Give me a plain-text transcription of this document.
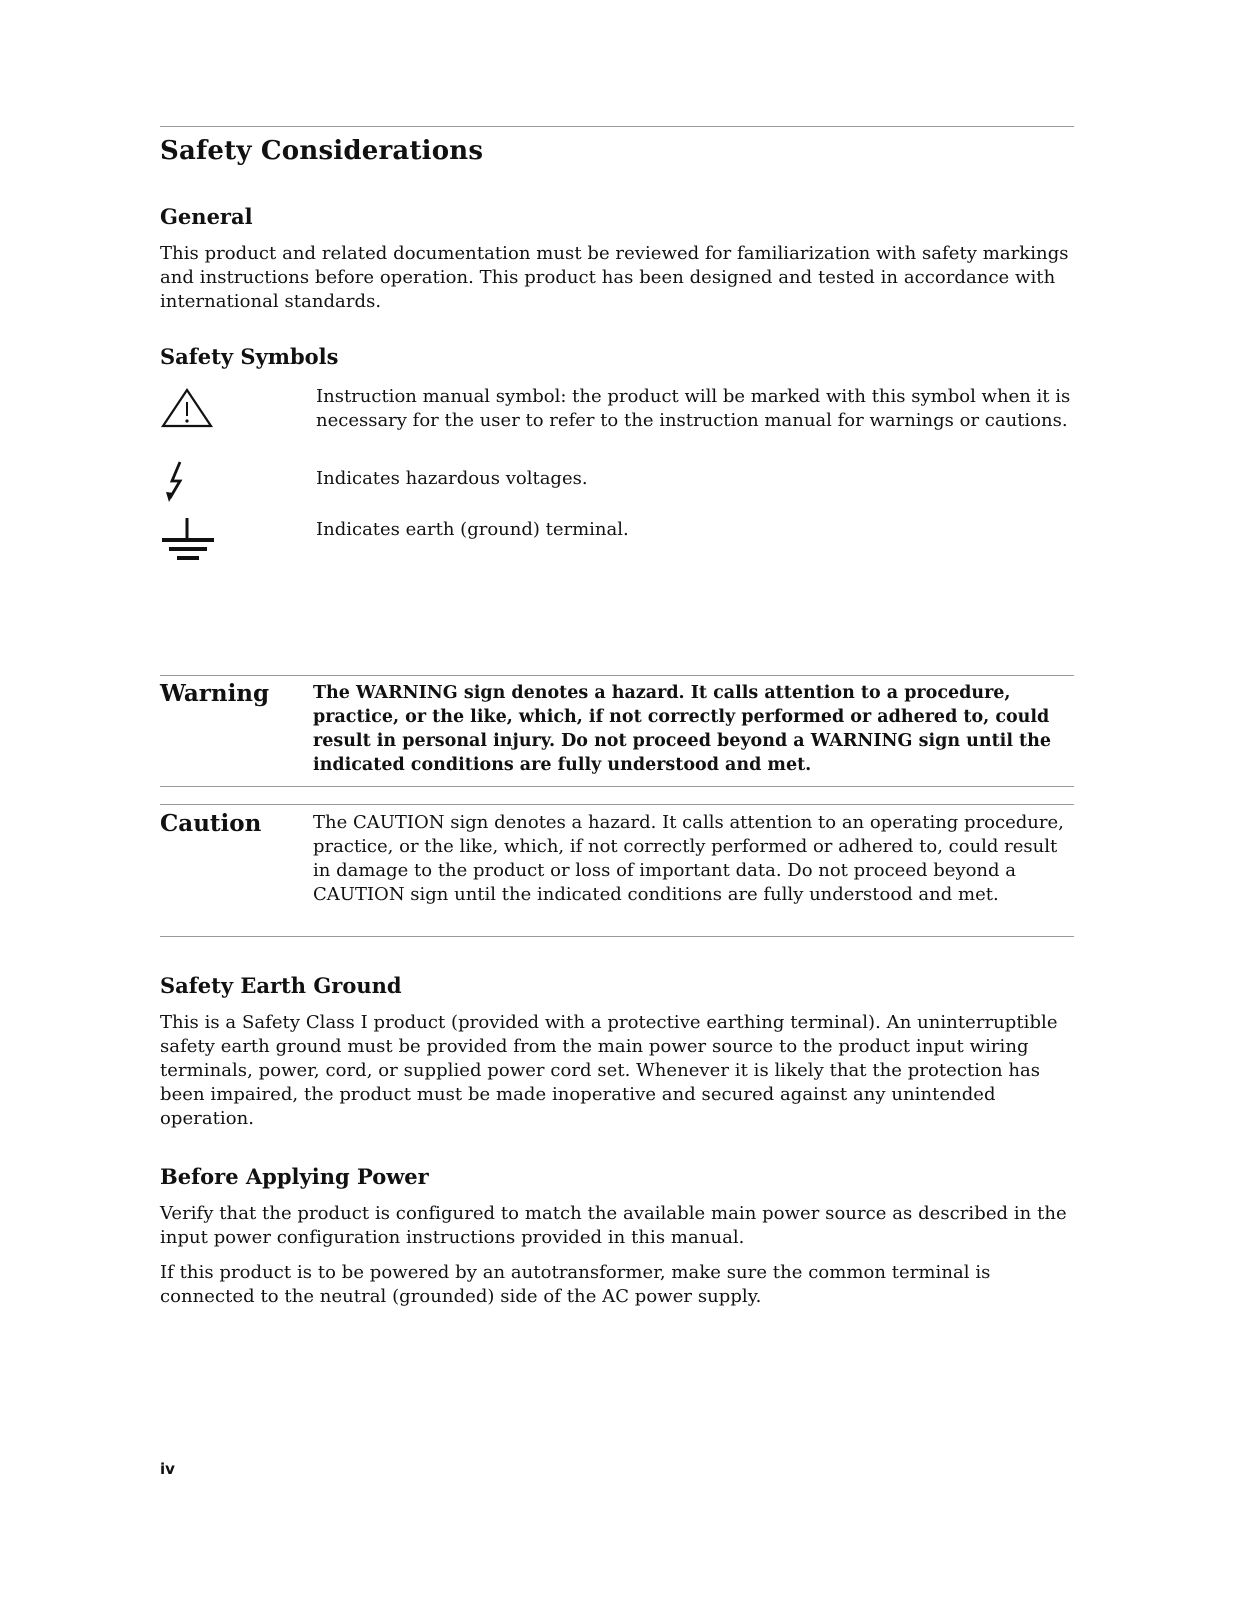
Safety Considerations
General

This product and related documentation must be reviewed for familiarization with safety markings and instructions before operation. This product has been designed and tested in accordance with international standards.

Safety Symbols

Instruction manual symbol: the product will be marked with this symbol when it is necessary for the user to refer to the instruction manual for warnings or cautions.

Indicates hazardous voltages.

Indicates earth (ground) terminal.

Warning	The WARNING sign denotes a hazard. It calls attention to a procedure, practice, or the like, which, if not correctly performed or adhered to, could result in personal injury. Do not proceed beyond a WARNING sign until the indicated conditions are fully understood and met.

Caution	The CAUTION sign denotes a hazard. It calls attention to an operating procedure, practice, or the like, which, if not correctly performed or adhered to, could result in damage to the product or loss of important data. Do not proceed beyond a CAUTION sign until the indicated conditions are fully understood and met.

Safety Earth Ground

This is a Safety Class I product (provided with a protective earthing terminal). An uninterruptible safety earth ground must be provided from the main power source to the product input wiring terminals, power, cord, or supplied power cord set. Whenever it is likely that the protection has been impaired, the product must be made inoperative and secured against any unintended operation.

Before Applying Power

Verify that the product is configured to match the available main power source as described in the input power configuration instructions provided in this manual.

If this product is to be powered by an autotransformer, make sure the common terminal is connected to the neutral (grounded) side of the AC power supply.

iv
